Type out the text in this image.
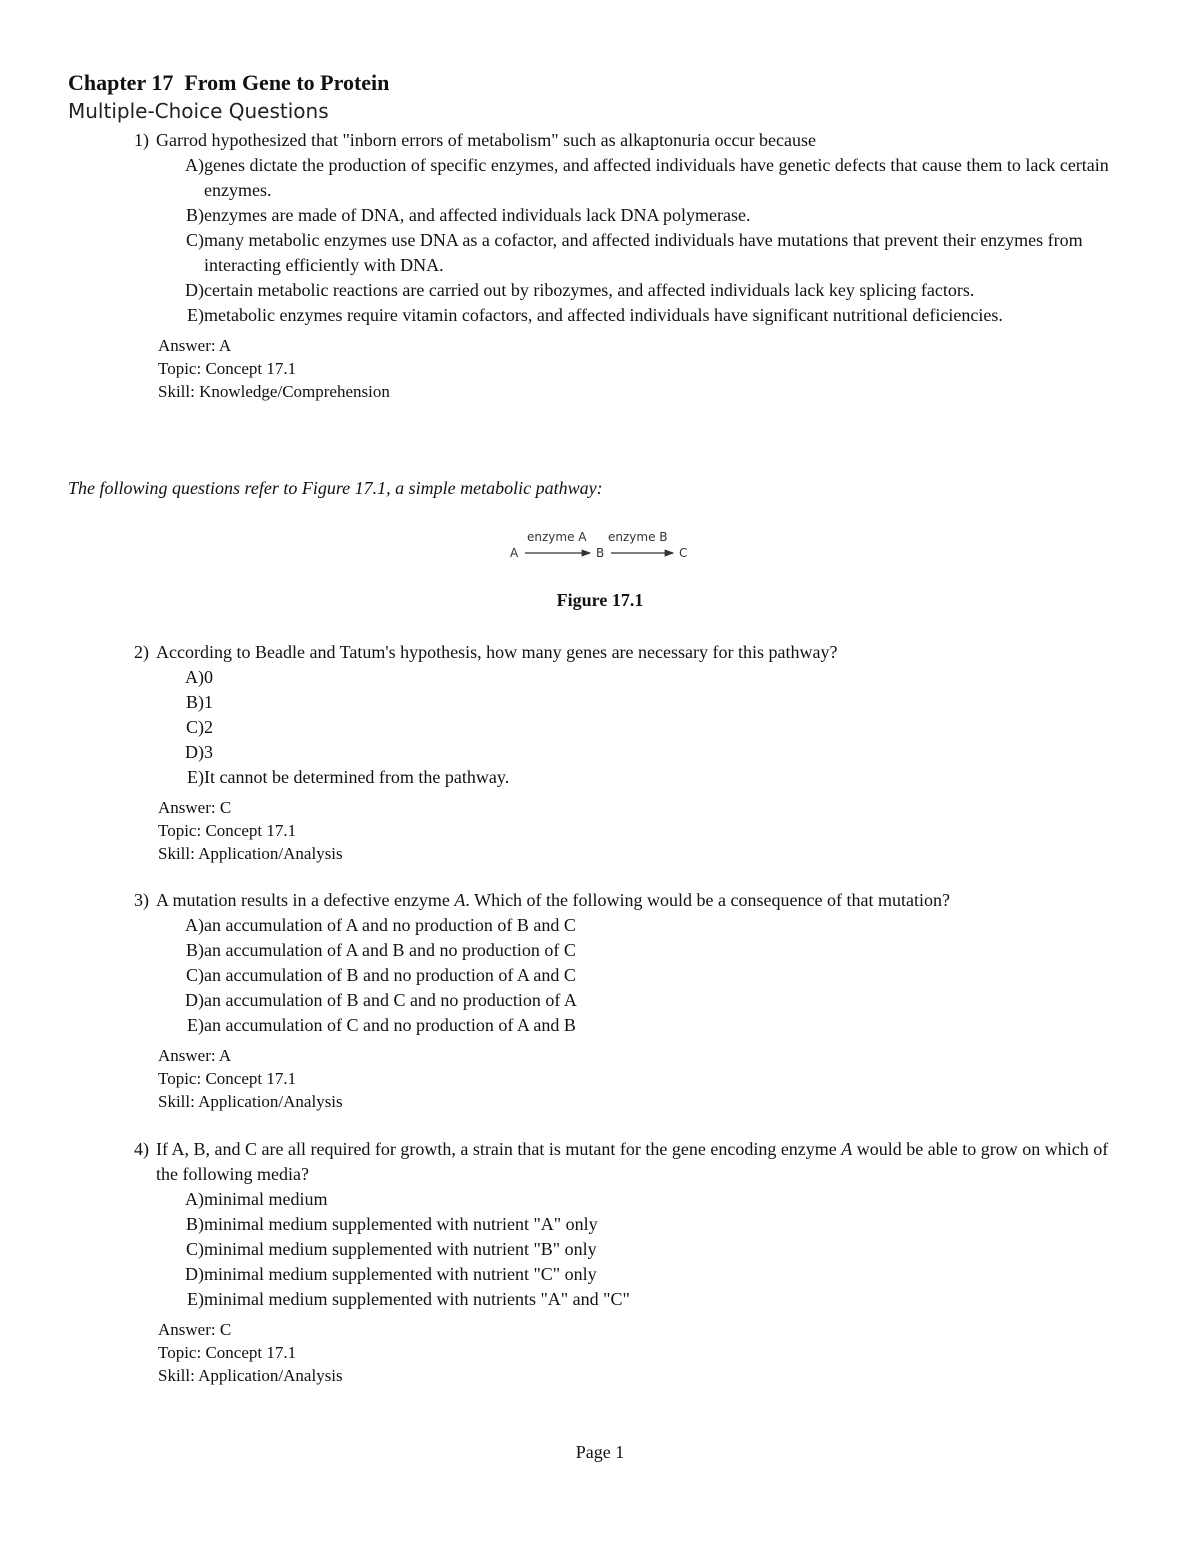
Chapter 17  From Gene to Protein
Multiple-Choice Questions
1) Garrod hypothesized that "inborn errors of metabolism" such as alkaptonuria occur because
A) genes dictate the production of specific enzymes, and affected individuals have genetic defects that cause them to lack certain enzymes.
B) enzymes are made of DNA, and affected individuals lack DNA polymerase.
C) many metabolic enzymes use DNA as a cofactor, and affected individuals have mutations that prevent their enzymes from interacting efficiently with DNA.
D) certain metabolic reactions are carried out by ribozymes, and affected individuals lack key splicing factors.
E) metabolic enzymes require vitamin cofactors, and affected individuals have significant nutritional deficiencies.
Answer: A
Topic: Concept 17.1
Skill: Knowledge/Comprehension
The following questions refer to Figure 17.1, a simple metabolic pathway:
enzyme A enzyme B
A	B	C
Figure 17.1
2) According to Beadle and Tatum's hypothesis, how many genes are necessary for this pathway?
A) 0
B) 1
C) 2
D) 3
E) It cannot be determined from the pathway.
Answer: C
Topic: Concept 17.1
Skill: Application/Analysis
3) A mutation results in a defective enzyme A. Which of the following would be a consequence of that mutation?
A) an accumulation of A and no production of B and C
B) an accumulation of A and B and no production of C
C) an accumulation of B and no production of A and C
D) an accumulation of B and C and no production of A
E) an accumulation of C and no production of A and B
Answer: A
Topic: Concept 17.1
Skill: Application/Analysis
4) If A, B, and C are all required for growth, a strain that is mutant for the gene encoding enzyme A would be able to grow on which of the following media?
A) minimal medium
B) minimal medium supplemented with nutrient "A" only
C) minimal medium supplemented with nutrient "B" only
D) minimal medium supplemented with nutrient "C" only
E) minimal medium supplemented with nutrients "A" and "C"
Answer: C
Topic: Concept 17.1
Skill: Application/Analysis
Page 1
